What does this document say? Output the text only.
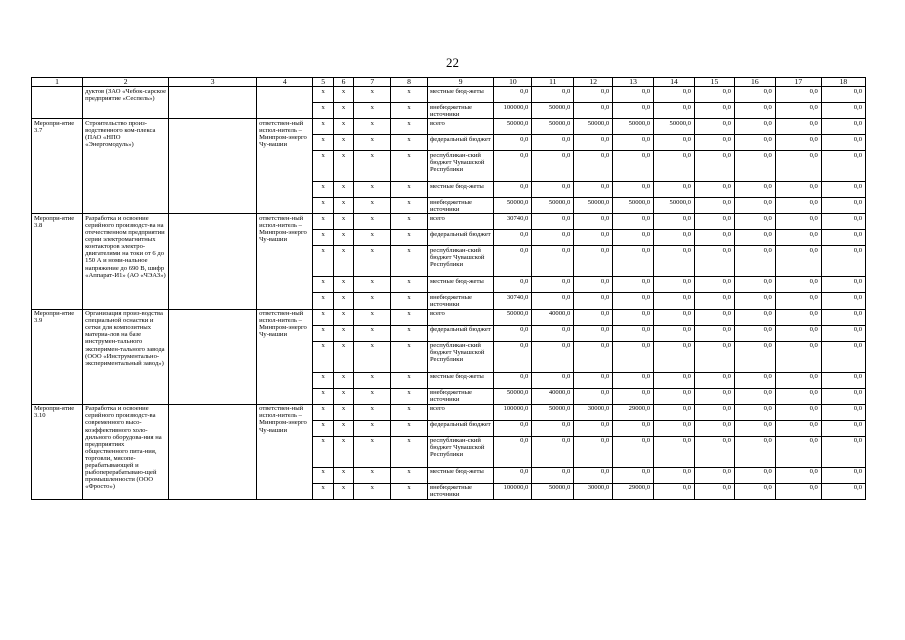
22
1	2	3	4	5	6	7	8	9	10	11	12	13	14	15	16	17	18
	дуктов (ЗАО «Чебок-сарское предприятие «Сеспель»)			x	x	x	x	местные бюд-жеты	0,0	0,0	0,0	0,0	0,0	0,0	0,0	0,0	0,0
				x	x	x	x	внебюджетные источники	100000,0	50000,0	0,0	0,0	0,0	0,0	0,0	0,0	0,0
Меропри-ятие 3.7	Строительство произ-водственного ком-плекса (ПАО «НПО «Энергомодуль»)		ответствен-ный испол-нитель – Минпром-энерго Чу-вашии	x	x	x	x	всего	50000,0	50000,0	50000,0	50000,0	50000,0	0,0	0,0	0,0	0,0
				x	x	x	x	федеральный бюджет	0,0	0,0	0,0	0,0	0,0	0,0	0,0	0,0	0,0
				x	x	x	x	республикан-ский бюджет Чувашской Республики	0,0	0,0	0,0	0,0	0,0	0,0	0,0	0,0	0,0
				x	x	x	x	местные бюд-жеты	0,0	0,0	0,0	0,0	0,0	0,0	0,0	0,0	0,0
				x	x	x	x	внебюджетные источники	50000,0	50000,0	50000,0	50000,0	50000,0	0,0	0,0	0,0	0,0
Меропри-ятие 3.8	Разработка и освоение серийного производст-ва на отечественном предприятии серии электромагнитных контакторов электро-двигателями на токи от 6 до 150 А и номи-нальное напряжение до 690 В, шифр «Аппарат-И1» (АО «ЧЭАЗ»)		ответствен-ный испол-нитель – Минпром-энерго Чу-вашии	x	x	x	x	всего	30740,0	0,0	0,0	0,0	0,0	0,0	0,0	0,0	0,0
				x	x	x	x	федеральный бюджет	0,0	0,0	0,0	0,0	0,0	0,0	0,0	0,0	0,0
				x	x	x	x	республикан-ский бюджет Чувашской Республики	0,0	0,0	0,0	0,0	0,0	0,0	0,0	0,0	0,0
				x	x	x	x	местные бюд-жеты	0,0	0,0	0,0	0,0	0,0	0,0	0,0	0,0	0,0
				x	x	x	x	внебюджетные источники	30740,0	0,0	0,0	0,0	0,0	0,0	0,0	0,0	0,0
Меропри-ятие 3.9	Организация произ-водства специальной оснастки и сетки для композитных материа-лов на базе инструмен-тального эксперимен-тального завода (ООО «Инструментально-экспериментальный завод»)		ответствен-ный испол-нитель – Минпром-энерго Чу-вашии	x	x	x	x	всего	50000,0	40000,0	0,0	0,0	0,0	0,0	0,0	0,0	0,0
				x	x	x	x	федеральный бюджет	0,0	0,0	0,0	0,0	0,0	0,0	0,0	0,0	0,0
				x	x	x	x	республикан-ский бюджет Чувашской Республики	0,0	0,0	0,0	0,0	0,0	0,0	0,0	0,0	0,0
				x	x	x	x	местные бюд-жеты	0,0	0,0	0,0	0,0	0,0	0,0	0,0	0,0	0,0
				x	x	x	x	внебюджетные источники	50000,0	40000,0	0,0	0,0	0,0	0,0	0,0	0,0	0,0
Меропри-ятие 3.10	Разработка и освоение серийного производст-ва современного высо-коэффективного холо-дильного оборудова-ния на предприятиях общественного пита-ния, торговли, мясопе-рерабатывающей и рыбоперерабатываю-щей промышленности (ООО «Фросто»)		ответствен-ный испол-нитель – Минпром-энерго Чу-вашии	x	x	x	x	всего	100000,0	50000,0	30000,0	29000,0	0,0	0,0	0,0	0,0	0,0
				x	x	x	x	федеральный бюджет	0,0	0,0	0,0	0,0	0,0	0,0	0,0	0,0	0,0
				x	x	x	x	республикан-ский бюджет Чувашской Республики	0,0	0,0	0,0	0,0	0,0	0,0	0,0	0,0	0,0
				x	x	x	x	местные бюд-жеты	0,0	0,0	0,0	0,0	0,0	0,0	0,0	0,0	0,0
				x	x	x	x	внебюджетные источники	100000,0	50000,0	30000,0	29000,0	0,0	0,0	0,0	0,0	0,0
